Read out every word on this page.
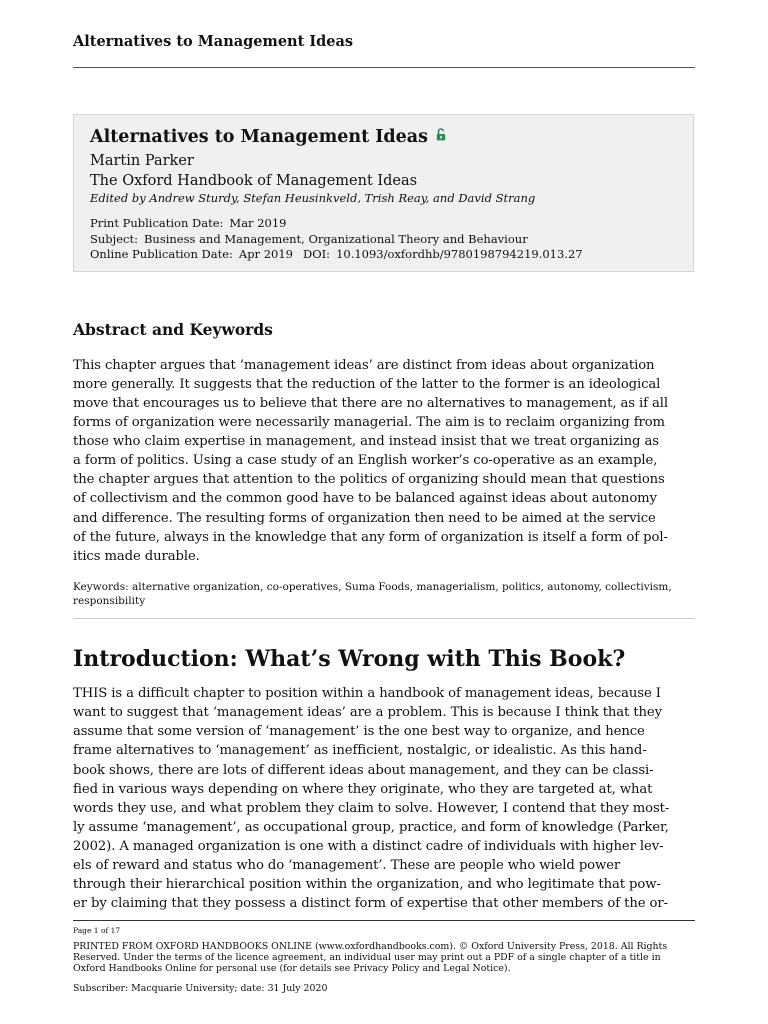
Alternatives to Management Ideas
Alternatives to Management Ideas
Martin Parker
The Oxford Handbook of Management Ideas
Edited by Andrew Sturdy, Stefan Heusinkveld, Trish Reay, and David Strang
Print Publication Date: Mar 2019
Subject: Business and Management, Organizational Theory and Behaviour
Online Publication Date: Apr 2019 DOI: 10.1093/oxfordhb/9780198794219.013.27
Abstract and Keywords
This chapter argues that ‘management ideas’ are distinct from ideas about organization
more generally. It suggests that the reduction of the latter to the former is an ideological
move that encourages us to believe that there are no alternatives to management, as if all
forms of organization were necessarily managerial. The aim is to reclaim organizing from
those who claim expertise in management, and instead insist that we treat organizing as
a form of politics. Using a case study of an English worker’s co-operative as an example,
the chapter argues that attention to the politics of organizing should mean that questions
of collectivism and the common good have to be balanced against ideas about autonomy
and difference. The resulting forms of organization then need to be aimed at the service
of the future, always in the knowledge that any form of organization is itself a form of pol-
itics made durable.
Keywords: alternative organization, co-operatives, Suma Foods, managerialism, politics, autonomy, collectivism, responsibility
Introduction: What’s Wrong with This Book?
THIS is a difficult chapter to position within a handbook of management ideas, because I
want to suggest that ‘management ideas’ are a problem. This is because I think that they
assume that some version of ‘management’ is the one best way to organize, and hence
frame alternatives to ‘management’ as inefficient, nostalgic, or idealistic. As this hand-
book shows, there are lots of different ideas about management, and they can be classi-
fied in various ways depending on where they originate, who they are targeted at, what
words they use, and what problem they claim to solve. However, I contend that they most-
ly assume ‘management’, as occupational group, practice, and form of knowledge (Parker,
2002). A managed organization is one with a distinct cadre of individuals with higher lev-
els of reward and status who do ‘management’. These are people who wield power
through their hierarchical position within the organization, and who legitimate that pow-
er by claiming that they possess a distinct form of expertise that other members of the or-
Page 1 of 17
PRINTED FROM OXFORD HANDBOOKS ONLINE (www.oxfordhandbooks.com). © Oxford University Press, 2018. All Rights Reserved. Under the terms of the licence agreement, an individual user may print out a PDF of a single chapter of a title in Oxford Handbooks Online for personal use (for details see Privacy Policy and Legal Notice).
Subscriber: Macquarie University; date: 31 July 2020
